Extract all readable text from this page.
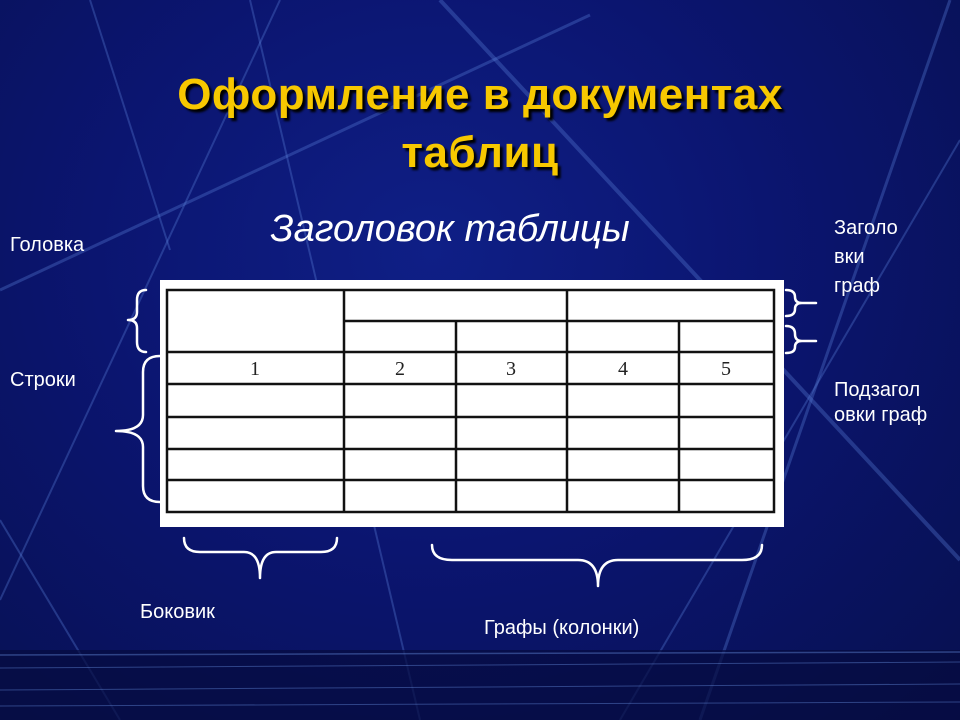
Оформление в документах
таблиц
Заголовок таблицы
Головка
Строки
Заголо
вки
граф
Подзагол
овки граф
Боковик
Графы (колонки)
1	2	3	4	5
